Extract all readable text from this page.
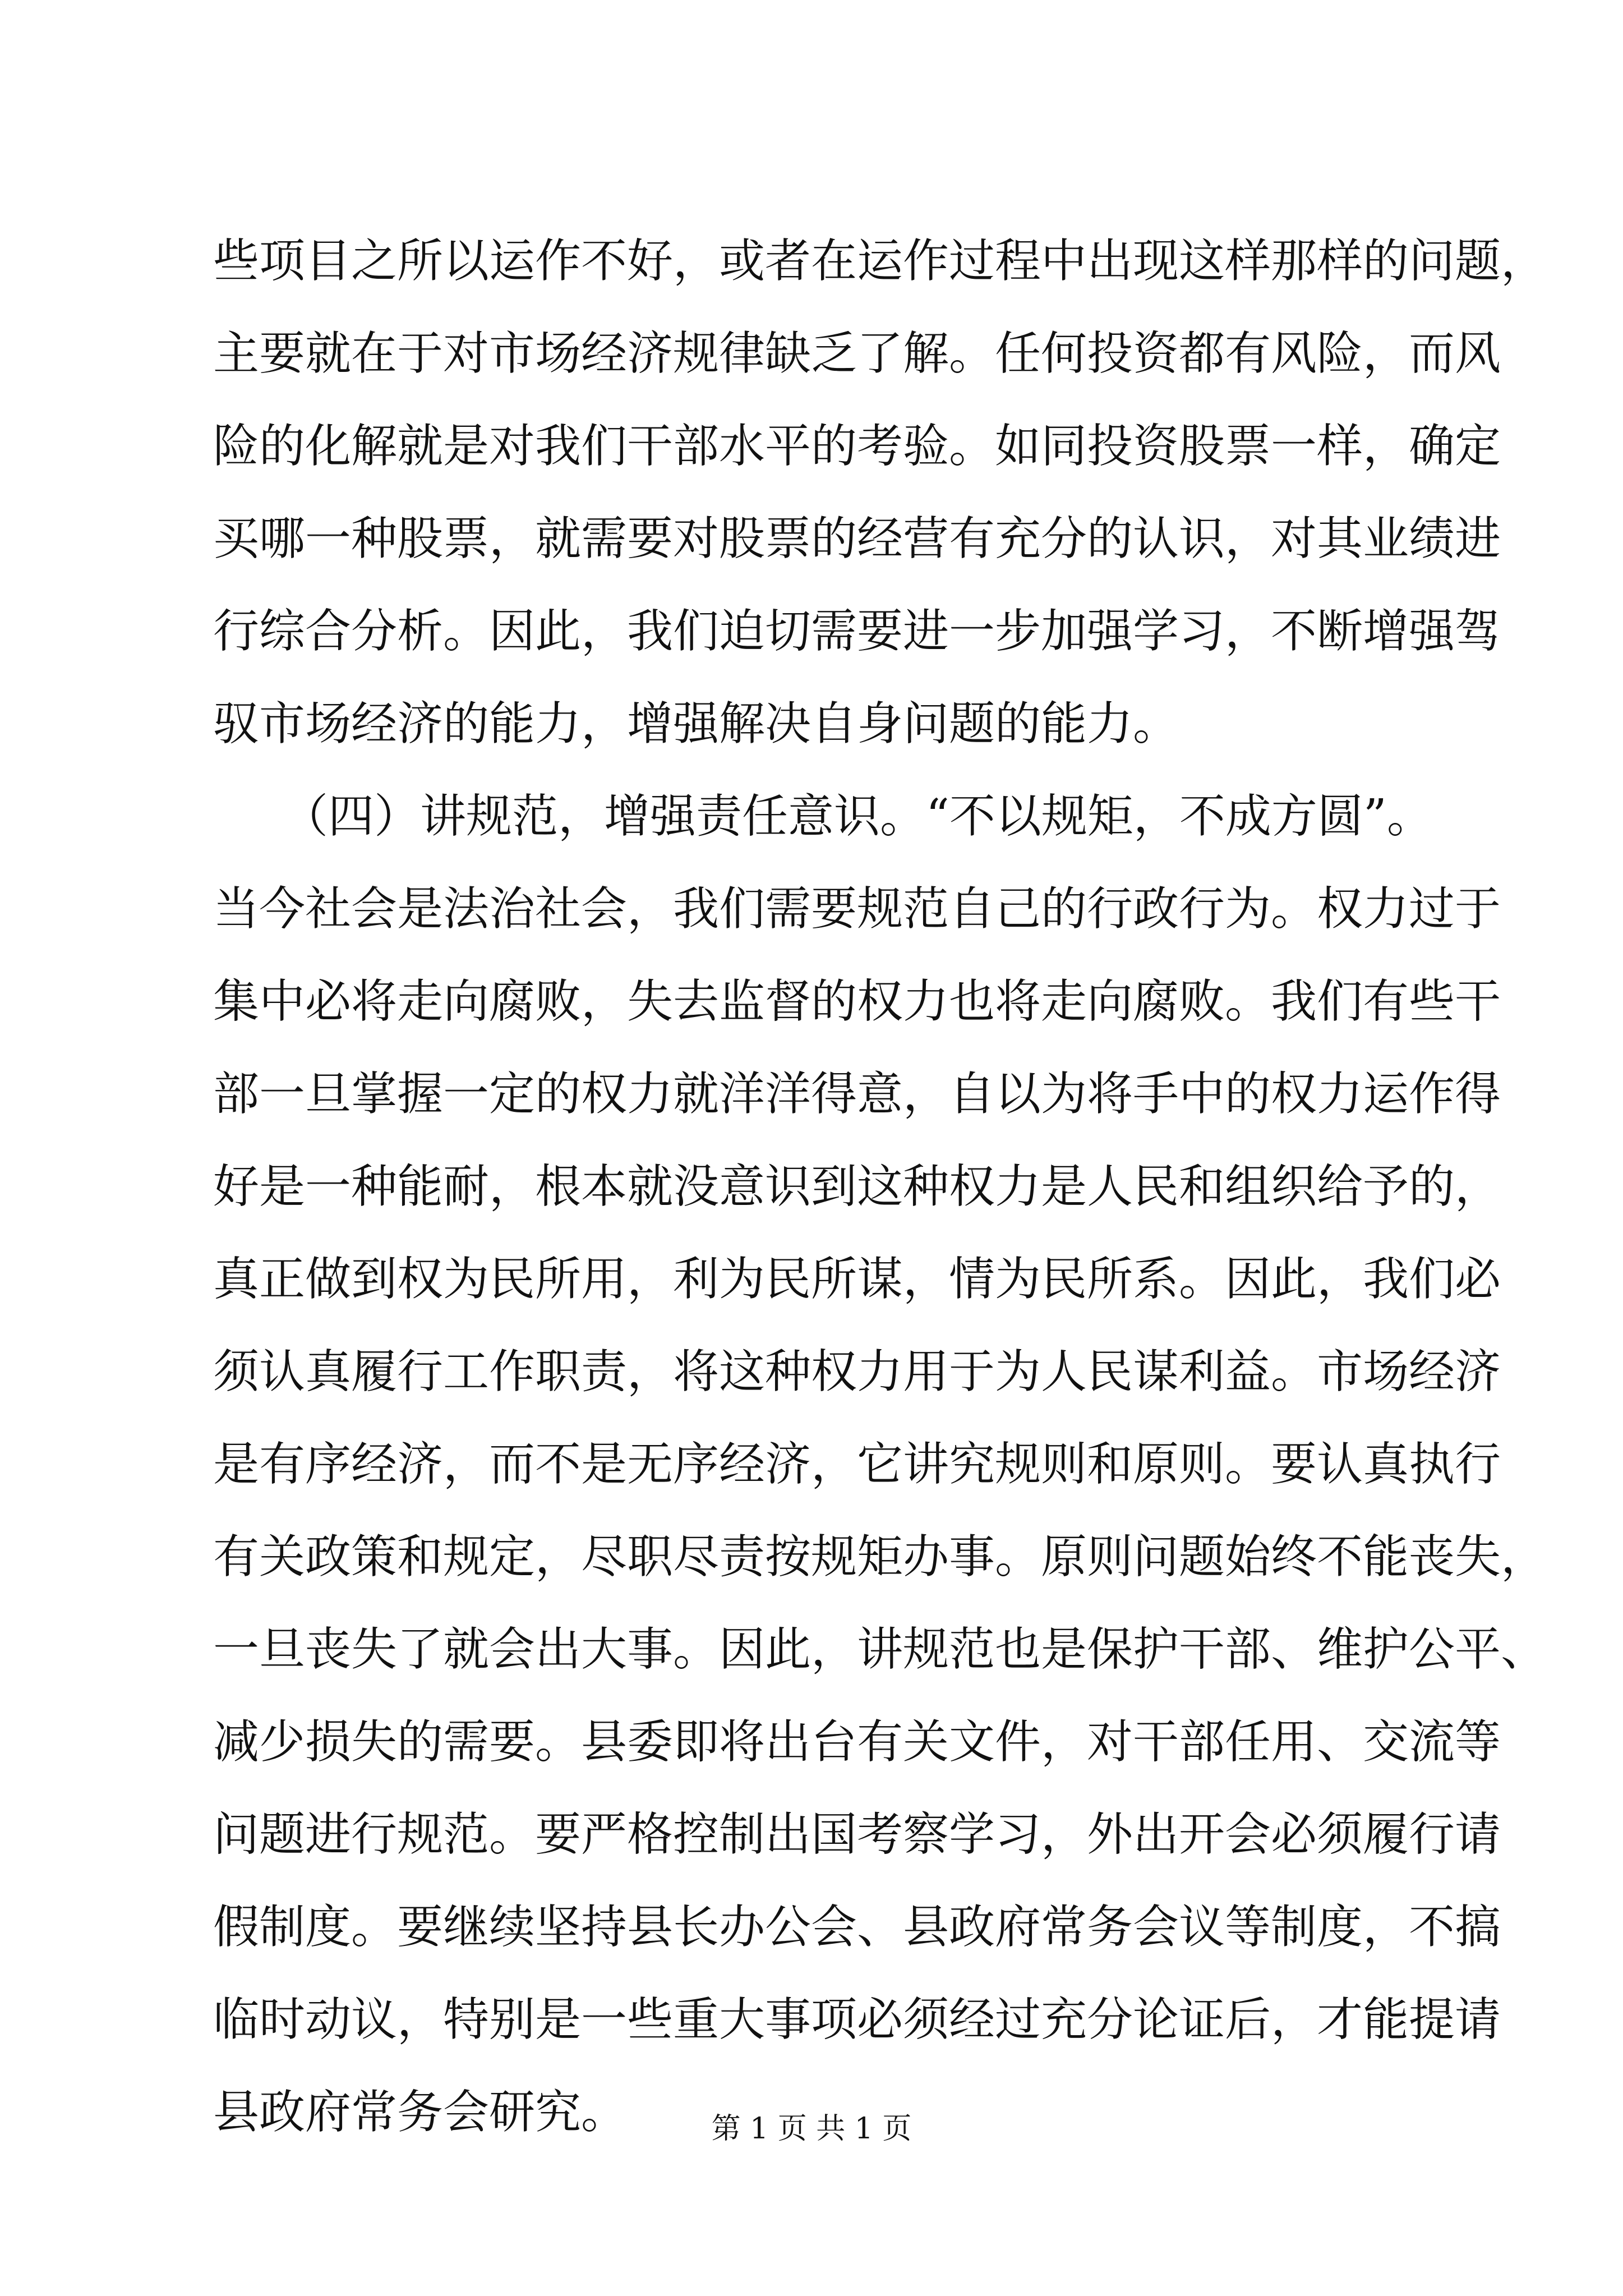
些项目之所以运作不好，或者在运作过程中出现这样那样的问题，
主要就在于对市场经济规律缺乏了解。任何投资都有风险，而风
险的化解就是对我们干部水平的考验。如同投资股票一样，确定
买哪一种股票，就需要对股票的经营有充分的认识，对其业绩进
行综合分析。因此，我们迫切需要进一步加强学习，不断增强驾
驭市场经济的能力，增强解决自身问题的能力。
　　（四）讲规范，增强责任意识。“不以规矩，不成方圆”。
当今社会是法治社会，我们需要规范自己的行政行为。权力过于
集中必将走向腐败，失去监督的权力也将走向腐败。我们有些干
部一旦掌握一定的权力就洋洋得意，自以为将手中的权力运作得
好是一种能耐，根本就没意识到这种权力是人民和组织给予的，
真正做到权为民所用，利为民所谋，情为民所系。因此，我们必
须认真履行工作职责，将这种权力用于为人民谋利益。市场经济
是有序经济，而不是无序经济，它讲究规则和原则。要认真执行
有关政策和规定，尽职尽责按规矩办事。原则问题始终不能丧失，
一旦丧失了就会出大事。因此，讲规范也是保护干部、维护公平、
减少损失的需要。县委即将出台有关文件，对干部任用、交流等
问题进行规范。要严格控制出国考察学习，外出开会必须履行请
假制度。要继续坚持县长办公会、县政府常务会议等制度，不搞
临时动议，特别是一些重大事项必须经过充分论证后，才能提请
县政府常务会研究。	第 1 页 共 1 页
